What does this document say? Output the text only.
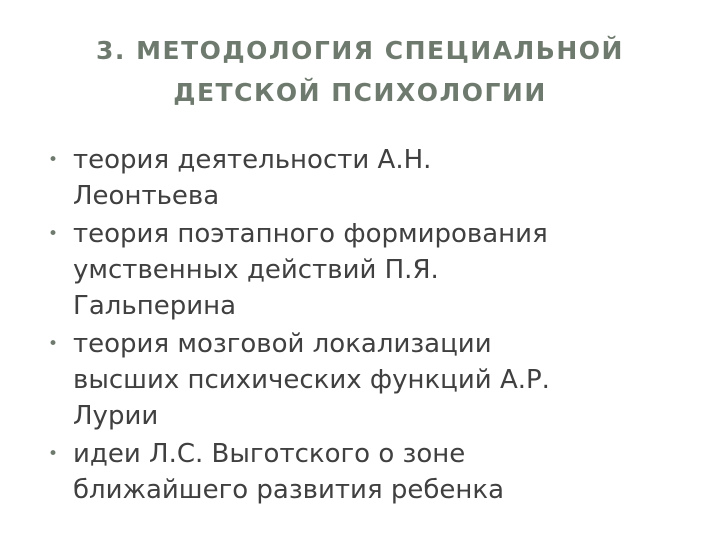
3. МЕТОДОЛОГИЯ СПЕЦИАЛЬНОЙ
ДЕТСКОЙ ПСИХОЛОГИИ
• теория деятельности А.Н.
Леонтьева
• теория поэтапного формирования
умственных действий П.Я.
Гальперина
• теория мозговой локализации
высших психических функций А.Р.
Лурии
• идеи Л.С. Выготского о зоне
ближайшего развития ребенка
